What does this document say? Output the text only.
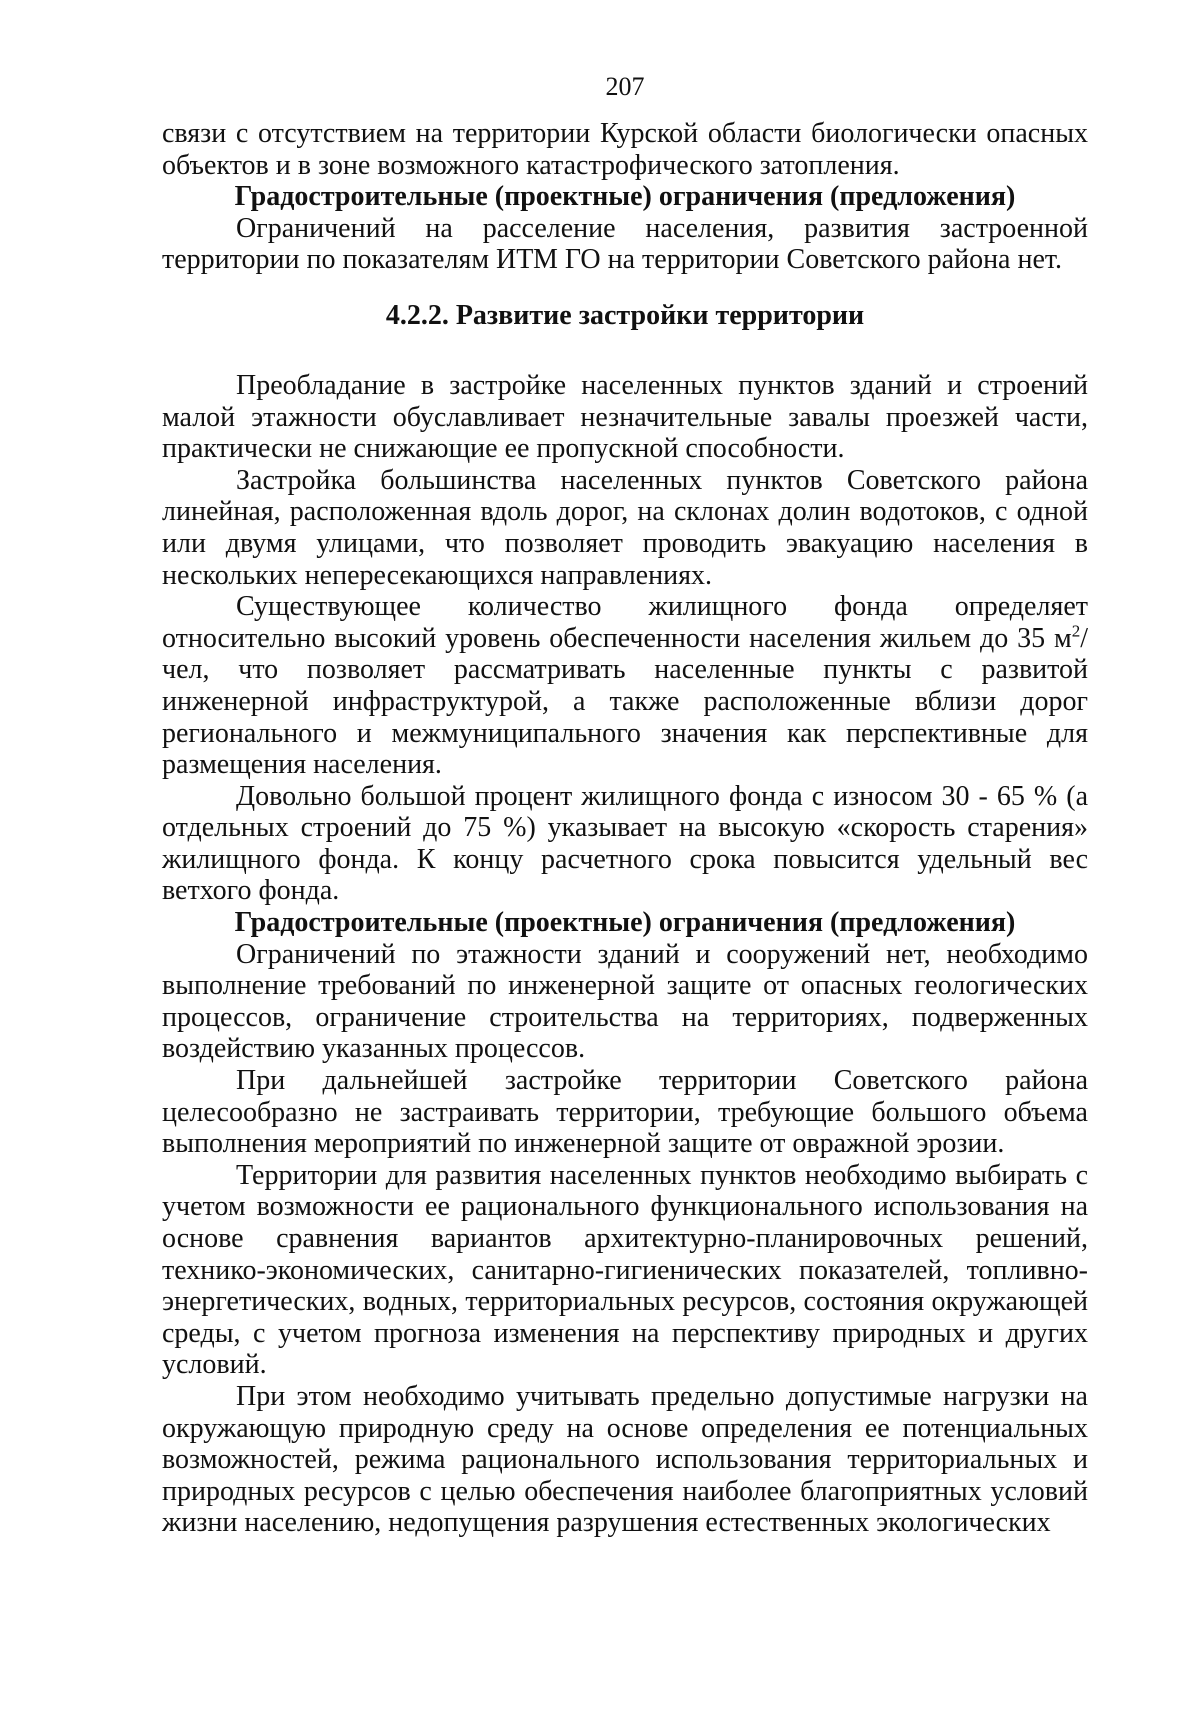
207

связи с отсутствием на территории Курской области биологически опасных объектов и в зоне возможного катастрофического затопления.

Градостроительные (проектные) ограничения (предложения)

Ограничений на расселение населения, развития застроенной территории по показателям ИТМ ГО на территории Советского района нет.

4.2.2. Развитие застройки территории

Преобладание в застройке населенных пунктов зданий и строений малой этажности обуславливает незначительные завалы проезжей части, практически не снижающие ее пропускной способности.

Застройка большинства населенных пунктов Советского района линейная, расположенная вдоль дорог, на склонах долин водотоков, с одной или двумя улицами, что позволяет проводить эвакуацию населения в нескольких непересекающихся направлениях.

Существующее количество жилищного фонда определяет относительно высокий уровень обеспеченности населения жильем до 35 $м^2$/чел, что позволяет рассматривать населенные пункты с развитой инженерной инфраструктурой, а также расположенные вблизи дорог регионального и межмуниципального значения как перспективные для размещения населения.

Довольно большой процент жилищного фонда с износом 30 - 65 % (а отдельных строений до 75 %) указывает на высокую «скорость старения» жилищного фонда. К концу расчетного срока повысится удельный вес ветхого фонда.

Градостроительные (проектные) ограничения (предложения)

Ограничений по этажности зданий и сооружений нет, необходимо выполнение требований по инженерной защите от опасных геологических процессов, ограничение строительства на территориях, подверженных воздействию указанных процессов.

При дальнейшей застройке территории Советского района целесообразно не застраивать территории, требующие большого объема выполнения мероприятий по инженерной защите от овражной эрозии.

Территории для развития населенных пунктов необходимо выбирать с учетом возможности ее рационального функционального использования на основе сравнения вариантов архитектурно-планировочных решений, технико-экономических, санитарно-гигиенических показателей, топливно-энергетических, водных, территориальных ресурсов, состояния окружающей среды, с учетом прогноза изменения на перспективу природных и других условий.

При этом необходимо учитывать предельно допустимые нагрузки на окружающую природную среду на основе определения ее потенциальных возможностей, режима рационального использования территориальных и природных ресурсов с целью обеспечения наиболее благоприятных условий жизни населению, недопущения разрушения естественных экологических
